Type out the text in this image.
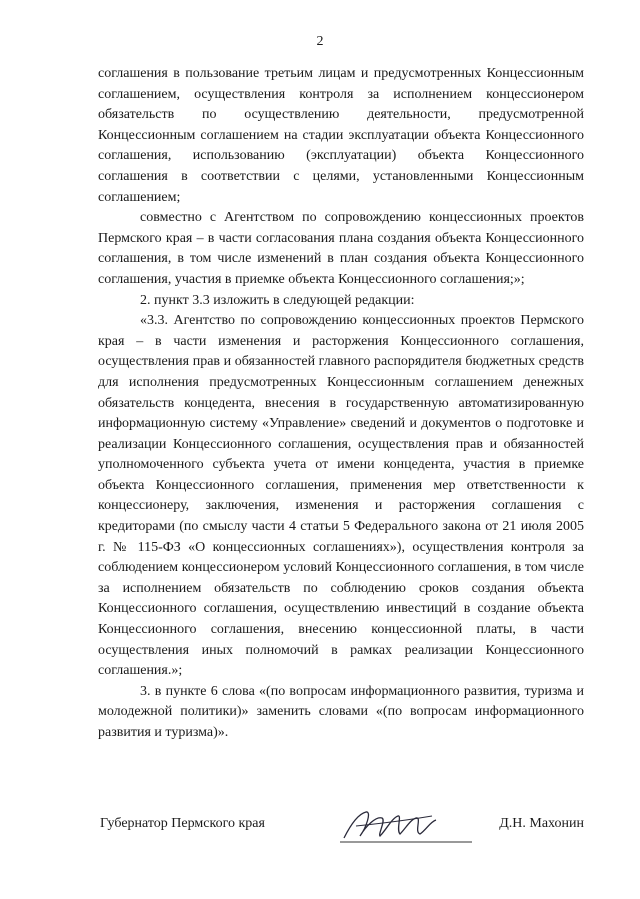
2

соглашения в пользование третьим лицам и предусмотренных Концессионным соглашением, осуществления контроля за исполнением концессионером обязательств по осуществлению деятельности, предусмотренной Концессионным соглашением на стадии эксплуатации объекта Концессионного соглашения, использованию (эксплуатации) объекта Концессионного соглашения в соответствии с целями, установленными Концессионным соглашением;

совместно с Агентством по сопровождению концессионных проектов Пермского края – в части согласования плана создания объекта Концессионного соглашения, в том числе изменений в план создания объекта Концессионного соглашения, участия в приемке объекта Концессионного соглашения;»;

2. пункт 3.3 изложить в следующей редакции:

«3.3. Агентство по сопровождению концессионных проектов Пермского края – в части изменения и расторжения Концессионного соглашения, осуществления прав и обязанностей главного распорядителя бюджетных средств для исполнения предусмотренных Концессионным соглашением денежных обязательств концедента, внесения в государственную автоматизированную информационную систему «Управление» сведений и документов о подготовке и реализации Концессионного соглашения, осуществления прав и обязанностей уполномоченного субъекта учета от имени концедента, участия в приемке объекта Концессионного соглашения, применения мер ответственности к концессионеру, заключения, изменения и расторжения соглашения с кредиторами (по смыслу части 4 статьи 5 Федерального закона от 21 июля 2005 г. № 115-ФЗ «О концессионных соглашениях»), осуществления контроля за соблюдением концессионером условий Концессионного соглашения, в том числе за исполнением обязательств по соблюдению сроков создания объекта Концессионного соглашения, осуществлению инвестиций в создание объекта Концессионного соглашения, внесению концессионной платы, в части осуществления иных полномочий в рамках реализации Концессионного соглашения.»;

3. в пункте 6 слова «(по вопросам информационного развития, туризма и молодежной политики)» заменить словами «(по вопросам информационного развития и туризма)».

Губернатор Пермского края	Д.Н. Махонин
